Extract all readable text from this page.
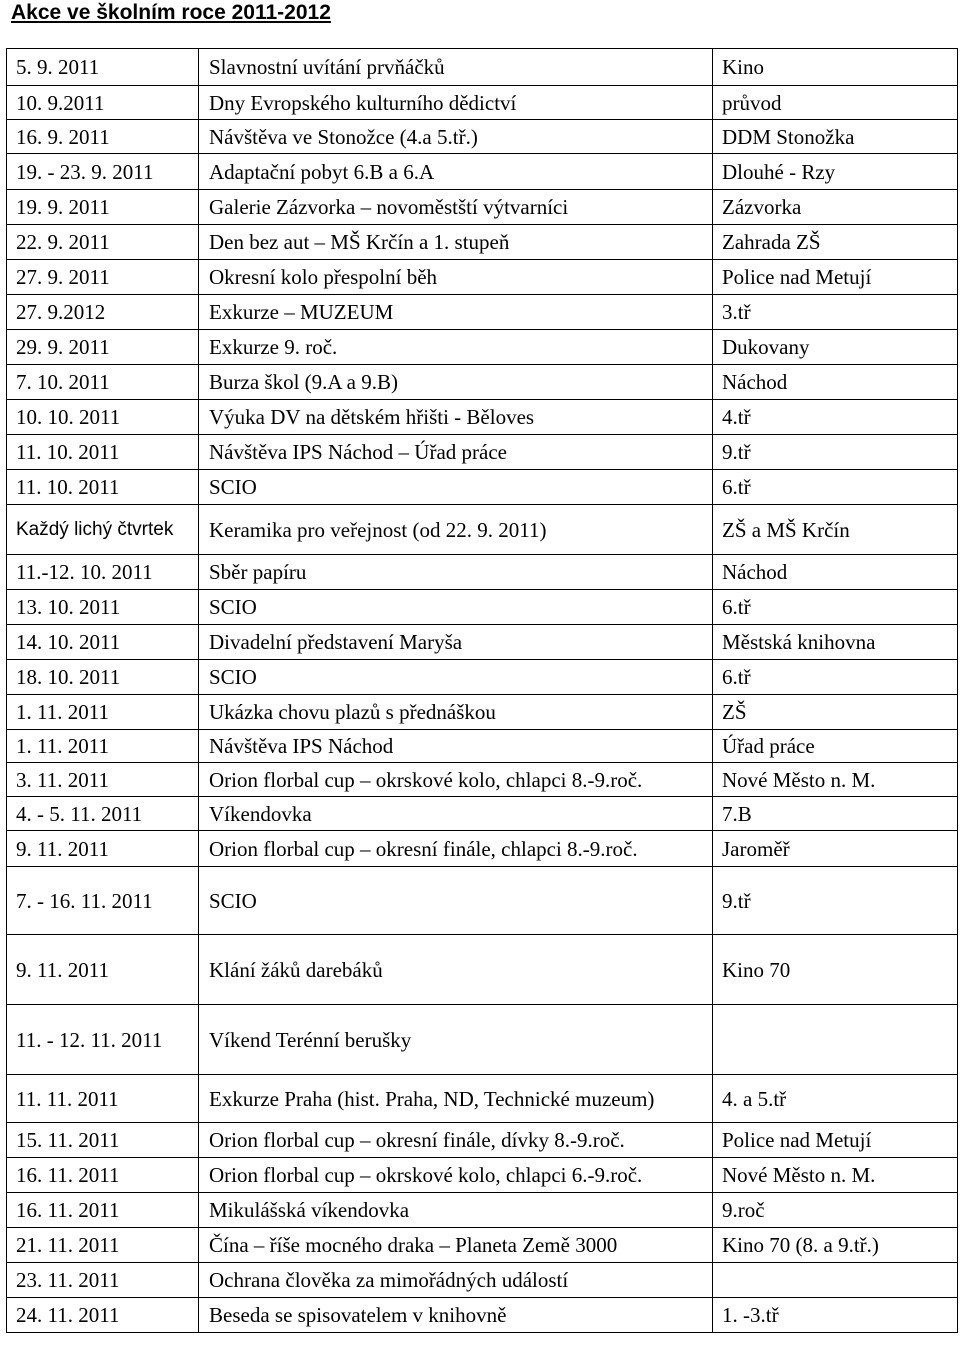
Akce ve školním roce 2011-2012
5. 9. 2011	Slavnostní uvítání prvňáčků	Kino
10. 9.2011	Dny Evropského kulturního dědictví	průvod
16. 9. 2011	Návštěva ve Stonožce (4.a 5.tř.)	DDM Stonožka
19. - 23. 9. 2011	Adaptační pobyt 6.B a 6.A	Dlouhé - Rzy
19. 9. 2011	Galerie Zázvorka – novoměstští výtvarníci	Zázvorka
22. 9. 2011	Den bez aut – MŠ Krčín a 1. stupeň	Zahrada ZŠ
27. 9. 2011	Okresní kolo přespolní běh	Police nad Metují
27. 9.2012	Exkurze – MUZEUM	3.tř
29. 9. 2011	Exkurze 9. roč.	Dukovany
7. 10. 2011	Burza škol (9.A a 9.B)	Náchod
10. 10. 2011	Výuka DV na dětském hřišti - Běloves	4.tř
11. 10. 2011	Návštěva IPS Náchod – Úřad práce	9.tř
11. 10. 2011	SCIO	6.tř
Každý lichý čtvrtek	Keramika pro veřejnost (od 22. 9. 2011)	ZŠ a MŠ Krčín
11.-12. 10. 2011	Sběr papíru	Náchod
13. 10. 2011	SCIO	6.tř
14. 10. 2011	Divadelní představení Maryša	Městská knihovna
18. 10. 2011	SCIO	6.tř
1. 11. 2011	Ukázka chovu plazů s přednáškou	ZŠ
1. 11. 2011	Návštěva IPS Náchod	Úřad práce
3. 11. 2011	Orion florbal cup – okrskové kolo, chlapci 8.-9.roč.	Nové Město n. M.
4. - 5. 11. 2011	Víkendovka	7.B
9. 11. 2011	Orion florbal cup – okresní finále, chlapci 8.-9.roč.	Jaroměř
7. - 16. 11. 2011	SCIO	9.tř
9. 11. 2011	Klání žáků darebáků	Kino 70
11. - 12. 11. 2011	Víkend Terénní berušky	
11. 11. 2011	Exkurze Praha (hist. Praha, ND, Technické muzeum)	4. a 5.tř
15. 11. 2011	Orion florbal cup – okresní finále, dívky 8.-9.roč.	Police nad Metují
16. 11. 2011	Orion florbal cup – okrskové kolo, chlapci 6.-9.roč.	Nové Město n. M.
16. 11. 2011	Mikulášská víkendovka	9.roč
21. 11. 2011	Čína – říše mocného draka – Planeta Země 3000	Kino 70 (8. a 9.tř.)
23. 11. 2011	Ochrana člověka za mimořádných událostí	
24. 11. 2011	Beseda se spisovatelem v knihovně	1. -3.tř
